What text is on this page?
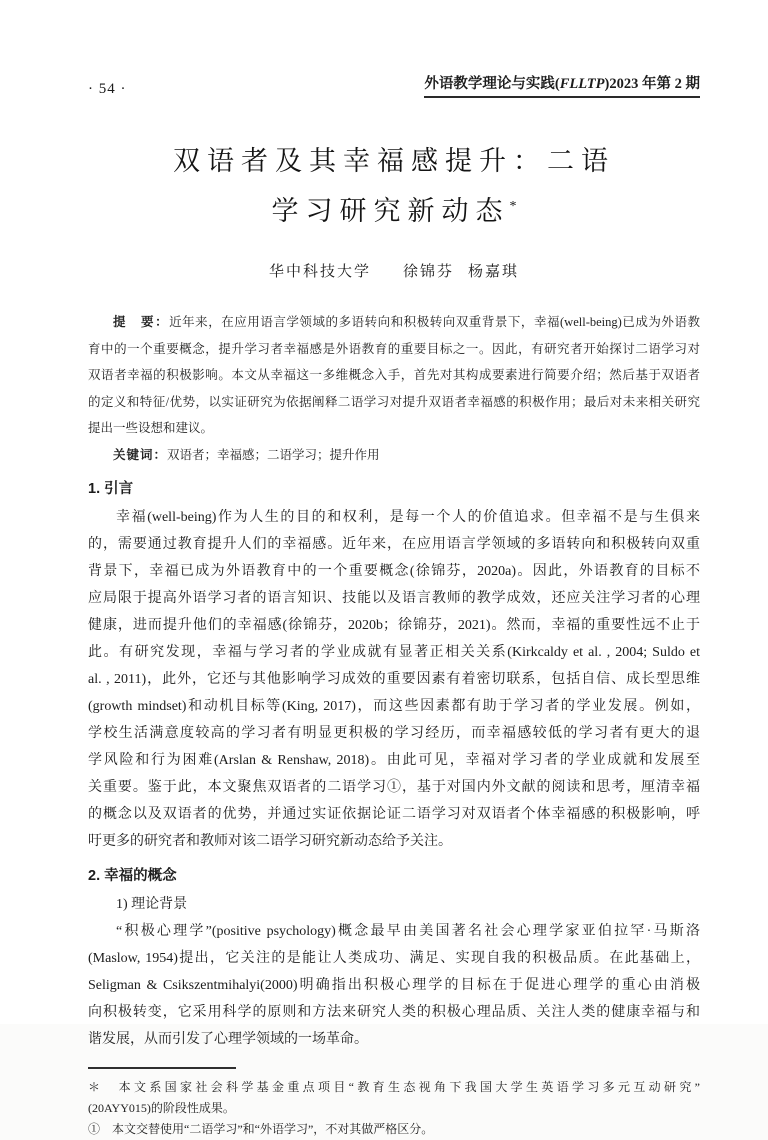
· 54 ·	外语教学理论与实践(FLLTP)2023 年第 2 期
双语者及其幸福感提升：二语
学习研究新动态*
华中科技大学 徐锦芬 杨嘉琪
提　要：近年来，在应用语言学领域的多语转向和积极转向双重背景下，幸福(well-being)已成为外语教
育中的一个重要概念，提升学习者幸福感是外语教育的重要目标之一。因此，有研究者开始探讨二语学习对
双语者幸福的积极影响。本文从幸福这一多维概念入手，首先对其构成要素进行简要介绍；然后基于双语者
的定义和特征/优势，以实证研究为依据阐释二语学习对提升双语者幸福感的积极作用；最后对未来相关研究
提出一些设想和建议。
关键词：双语者；幸福感；二语学习；提升作用
1. 引言
幸福(well-being)作为人生的目的和权利，是每一个人的价值追求。但幸福不是与生俱来
的，需要通过教育提升人们的幸福感。近年来，在应用语言学领域的多语转向和积极转向双重
背景下，幸福已成为外语教育中的一个重要概念(徐锦芬，2020a)。因此，外语教育的目标不
应局限于提高外语学习者的语言知识、技能以及语言教师的教学成效，还应关注学习者的心理
健康，进而提升他们的幸福感(徐锦芬，2020b；徐锦芬，2021)。然而，幸福的重要性远不止于
此。有研究发现，幸福与学习者的学业成就有显著正相关关系(Kirkcaldy et al. , 2004; Suldo et
al. , 2011)，此外，它还与其他影响学习成效的重要因素有着密切联系，包括自信、成长型思维
(growth mindset)和动机目标等(King, 2017)，而这些因素都有助于学习者的学业发展。例如，
学校生活满意度较高的学习者有明显更积极的学习经历，而幸福感较低的学习者有更大的退
学风险和行为困难(Arslan & Renshaw, 2018)。由此可见，幸福对学习者的学业成就和发展至
关重要。鉴于此，本文聚焦双语者的二语学习①，基于对国内外文献的阅读和思考，厘清幸福
的概念以及双语者的优势，并通过实证依据论证二语学习对双语者个体幸福感的积极影响，呼
吁更多的研究者和教师对该二语学习研究新动态给予关注。
2. 幸福的概念
1) 理论背景
“积极心理学”(positive psychology)概念最早由美国著名社会心理学家亚伯拉罕·马斯洛
(Maslow, 1954)提出，它关注的是能让人类成功、满足、实现自我的积极品质。在此基础上，
Seligman & Csikszentmihalyi(2000)明确指出积极心理学的目标在于促进心理学的重心由消极
向积极转变，它采用科学的原则和方法来研究人类的积极心理品质、关注人类的健康幸福与和
谐发展，从而引发了心理学领域的一场革命。
＊　本文系国家社会科学基金重点项目“教育生态视角下我国大学生英语学习多元互动研究”
(20AYY015)的阶段性成果。
①　本文交替使用“二语学习”和“外语学习”，不对其做严格区分。
